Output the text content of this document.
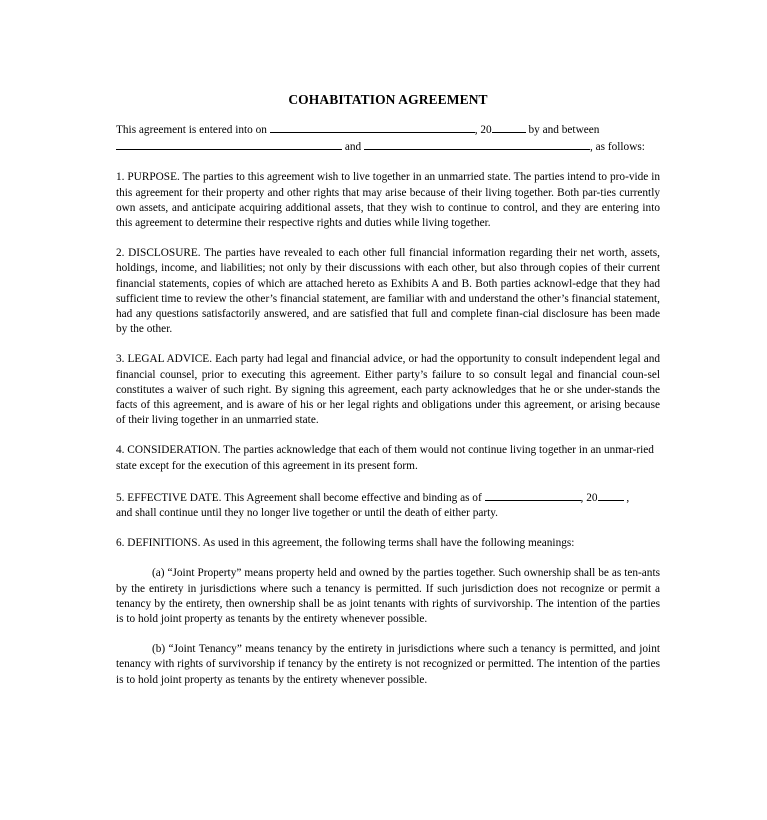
COHABITATION AGREEMENT

This agreement is entered into on	, 20	by and between

and	, as follows:

1. PURPOSE. The parties to this agreement wish to live together in an unmarried state. The parties intend to pro-vide in this agreement for their property and other rights that may arise because of their living together. Both par-ties currently own assets, and anticipate acquiring additional assets, that they wish to continue to control, and they are entering into this agreement to determine their respective rights and duties while living together.

2. DISCLOSURE. The parties have revealed to each other full financial information regarding their net worth, assets, holdings, income, and liabilities; not only by their discussions with each other, but also through copies of their current financial statements, copies of which are attached hereto as Exhibits A and B. Both parties acknowl-edge that they had sufficient time to review the other’s financial statement, are familiar with and understand the other’s financial statement, had any questions satisfactorily answered, and are satisfied that full and complete finan-cial disclosure has been made by the other.

3. LEGAL ADVICE. Each party had legal and financial advice, or had the opportunity to consult independent legal and financial counsel, prior to executing this agreement. Either party’s failure to so consult legal and financial coun-sel constitutes a waiver of such right. By signing this agreement, each party acknowledges that he or she under-stands the facts of this agreement, and is aware of his or her legal rights and obligations under this agreement, or arising because of their living together in an unmarried state.

4. CONSIDERATION. The parties acknowledge that each of them would not continue living together in an unmar-ried state except for the execution of this agreement in its present form.

5. EFFECTIVE DATE. This Agreement shall become effective and binding as of	, 20	,

and shall continue until they no longer live together or until the death of either party.

6. DEFINITIONS. As used in this agreement, the following terms shall have the following meanings:

(a) “Joint Property” means property held and owned by the parties together. Such ownership shall be as ten-ants by the entirety in jurisdictions where such a tenancy is permitted. If such jurisdiction does not recognize or permit a tenancy by the entirety, then ownership shall be as joint tenants with rights of survivorship. The intention of the parties is to hold joint property as tenants by the entirety whenever possible.
(b) “Joint Tenancy” means tenancy by the entirety in jurisdictions where such a tenancy is permitted, and joint tenancy with rights of survivorship if tenancy by the entirety is not recognized or permitted. The intention of the parties is to hold joint property as tenants by the entirety whenever possible.
